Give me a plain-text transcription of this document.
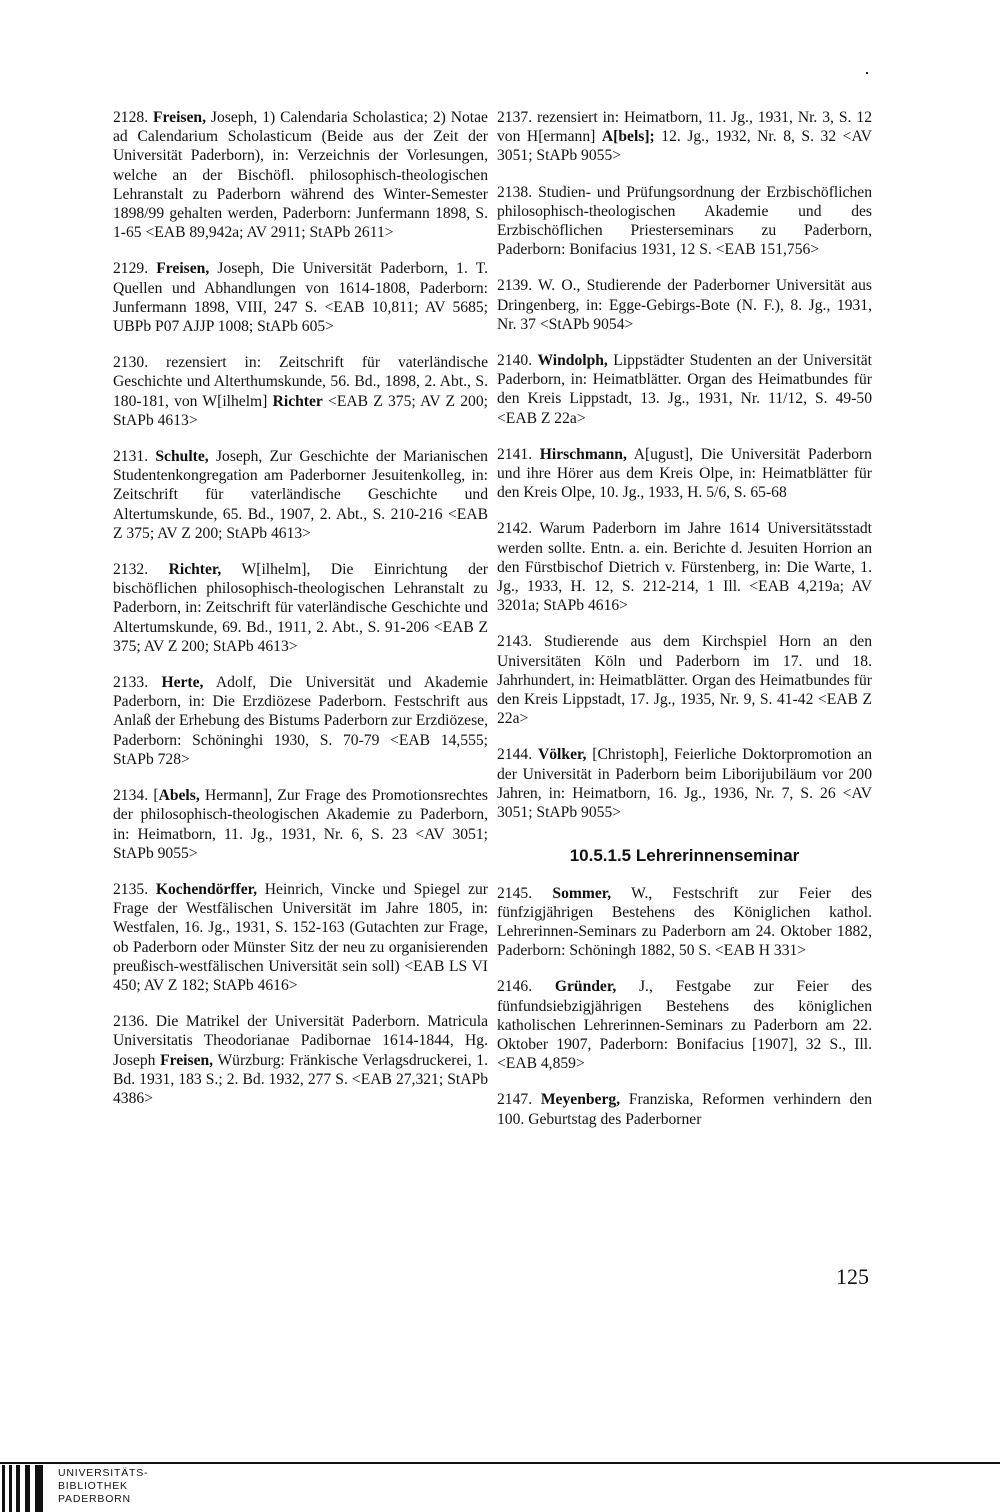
2128. Freisen, Joseph, 1) Calendaria Scholastica; 2) Notae ad Calendarium Scholasticum (Beide aus der Zeit der Universität Paderborn), in: Verzeichnis der Vorlesungen, welche an der Bischöfl. philosophisch-theologischen Lehranstalt zu Paderborn während des Winter-Semester 1898/99 gehalten werden, Paderborn: Junfermann 1898, S. 1-65 <EAB 89,942a; AV 2911; StAPb 2611>

2129. Freisen, Joseph, Die Universität Paderborn, 1. T. Quellen und Abhandlungen von 1614-1808, Paderborn: Junfermann 1898, VIII, 247 S. <EAB 10,811; AV 5685; UBPb P07 AJJP 1008; StAPb 605>

2130. rezensiert in: Zeitschrift für vaterländische Geschichte und Alterthumskunde, 56. Bd., 1898, 2. Abt., S. 180-181, von W[ilhelm] Richter <EAB Z 375; AV Z 200; StAPb 4613>

2131. Schulte, Joseph, Zur Geschichte der Marianischen Studentenkongregation am Paderborner Jesuitenkolleg, in: Zeitschrift für vaterländische Geschichte und Altertumskunde, 65. Bd., 1907, 2. Abt., S. 210-216 <EAB Z 375; AV Z 200; StAPb 4613>

2132. Richter, W[ilhelm], Die Einrichtung der bischöflichen philosophisch-theologischen Lehranstalt zu Paderborn, in: Zeitschrift für vaterländische Geschichte und Altertumskunde, 69. Bd., 1911, 2. Abt., S. 91-206 <EAB Z 375; AV Z 200; StAPb 4613>

2133. Herte, Adolf, Die Universität und Akademie Paderborn, in: Die Erzdiözese Paderborn. Festschrift aus Anlaß der Erhebung des Bistums Paderborn zur Erzdiözese, Paderborn: Schöninghi 1930, S. 70-79 <EAB 14,555; StAPb 728>

2134. [Abels, Hermann], Zur Frage des Promotionsrechtes der philosophisch-theologischen Akademie zu Paderborn, in: Heimatborn, 11. Jg., 1931, Nr. 6, S. 23 <AV 3051; StAPb 9055>

2135. Kochendörffer, Heinrich, Vincke und Spiegel zur Frage der Westfälischen Universität im Jahre 1805, in: Westfalen, 16. Jg., 1931, S. 152-163 (Gutachten zur Frage, ob Paderborn oder Münster Sitz der neu zu organisierenden preußisch-westfälischen Universität sein soll) <EAB LS VI 450; AV Z 182; StAPb 4616>

2136. Die Matrikel der Universität Paderborn. Matricula Universitatis Theodorianae Padibornae 1614-1844, Hg. Joseph Freisen, Würzburg: Fränkische Verlagsdruckerei, 1. Bd. 1931, 183 S.; 2. Bd. 1932, 277 S. <EAB 27,321; StAPb 4386>

2137. rezensiert in: Heimatborn, 11. Jg., 1931, Nr. 3, S. 12 von H[ermann] A[bels]; 12. Jg., 1932, Nr. 8, S. 32 <AV 3051; StAPb 9055>

2138. Studien- und Prüfungsordnung der Erzbischöflichen philosophisch-theologischen Akademie und des Erzbischöflichen Priesterseminars zu Paderborn, Paderborn: Bonifacius 1931, 12 S. <EAB 151,756>

2139. W. O., Studierende der Paderborner Universität aus Dringenberg, in: Egge-Gebirgs-Bote (N. F.), 8. Jg., 1931, Nr. 37 <StAPb 9054>

2140. Windolph, Lippstädter Studenten an der Universität Paderborn, in: Heimatblätter. Organ des Heimatbundes für den Kreis Lippstadt, 13. Jg., 1931, Nr. 11/12, S. 49-50 <EAB Z 22a>

2141. Hirschmann, A[ugust], Die Universität Paderborn und ihre Hörer aus dem Kreis Olpe, in: Heimatblätter für den Kreis Olpe, 10. Jg., 1933, H. 5/6, S. 65-68

2142. Warum Paderborn im Jahre 1614 Universitätsstadt werden sollte. Entn. a. ein. Berichte d. Jesuiten Horrion an den Fürstbischof Dietrich v. Fürstenberg, in: Die Warte, 1. Jg., 1933, H. 12, S. 212-214, 1 Ill. <EAB 4,219a; AV 3201a; StAPb 4616>

2143. Studierende aus dem Kirchspiel Horn an den Universitäten Köln und Paderborn im 17. und 18. Jahrhundert, in: Heimatblätter. Organ des Heimatbundes für den Kreis Lippstadt, 17. Jg., 1935, Nr. 9, S. 41-42 <EAB Z 22a>

2144. Völker, [Christoph], Feierliche Doktorpromotion an der Universität in Paderborn beim Liborijubiläum vor 200 Jahren, in: Heimatborn, 16. Jg., 1936, Nr. 7, S. 26 <AV 3051; StAPb 9055>

10.5.1.5 Lehrerinnenseminar

2145. Sommer, W., Festschrift zur Feier des fünfzigjährigen Bestehens des Königlichen kathol. Lehrerinnen-Seminars zu Paderborn am 24. Oktober 1882, Paderborn: Schöningh 1882, 50 S. <EAB H 331>

2146. Gründer, J., Festgabe zur Feier des fünfundsiebzigjährigen Bestehens des königlichen katholischen Lehrerinnen-Seminars zu Paderborn am 22. Oktober 1907, Paderborn: Bonifacius [1907], 32 S., Ill. <EAB 4,859>

2147. Meyenberg, Franziska, Reformen verhindern den 100. Geburtstag des Paderborner

125
UNIVERSITÄTS-
BIBLIOTHEK
PADERBORN
